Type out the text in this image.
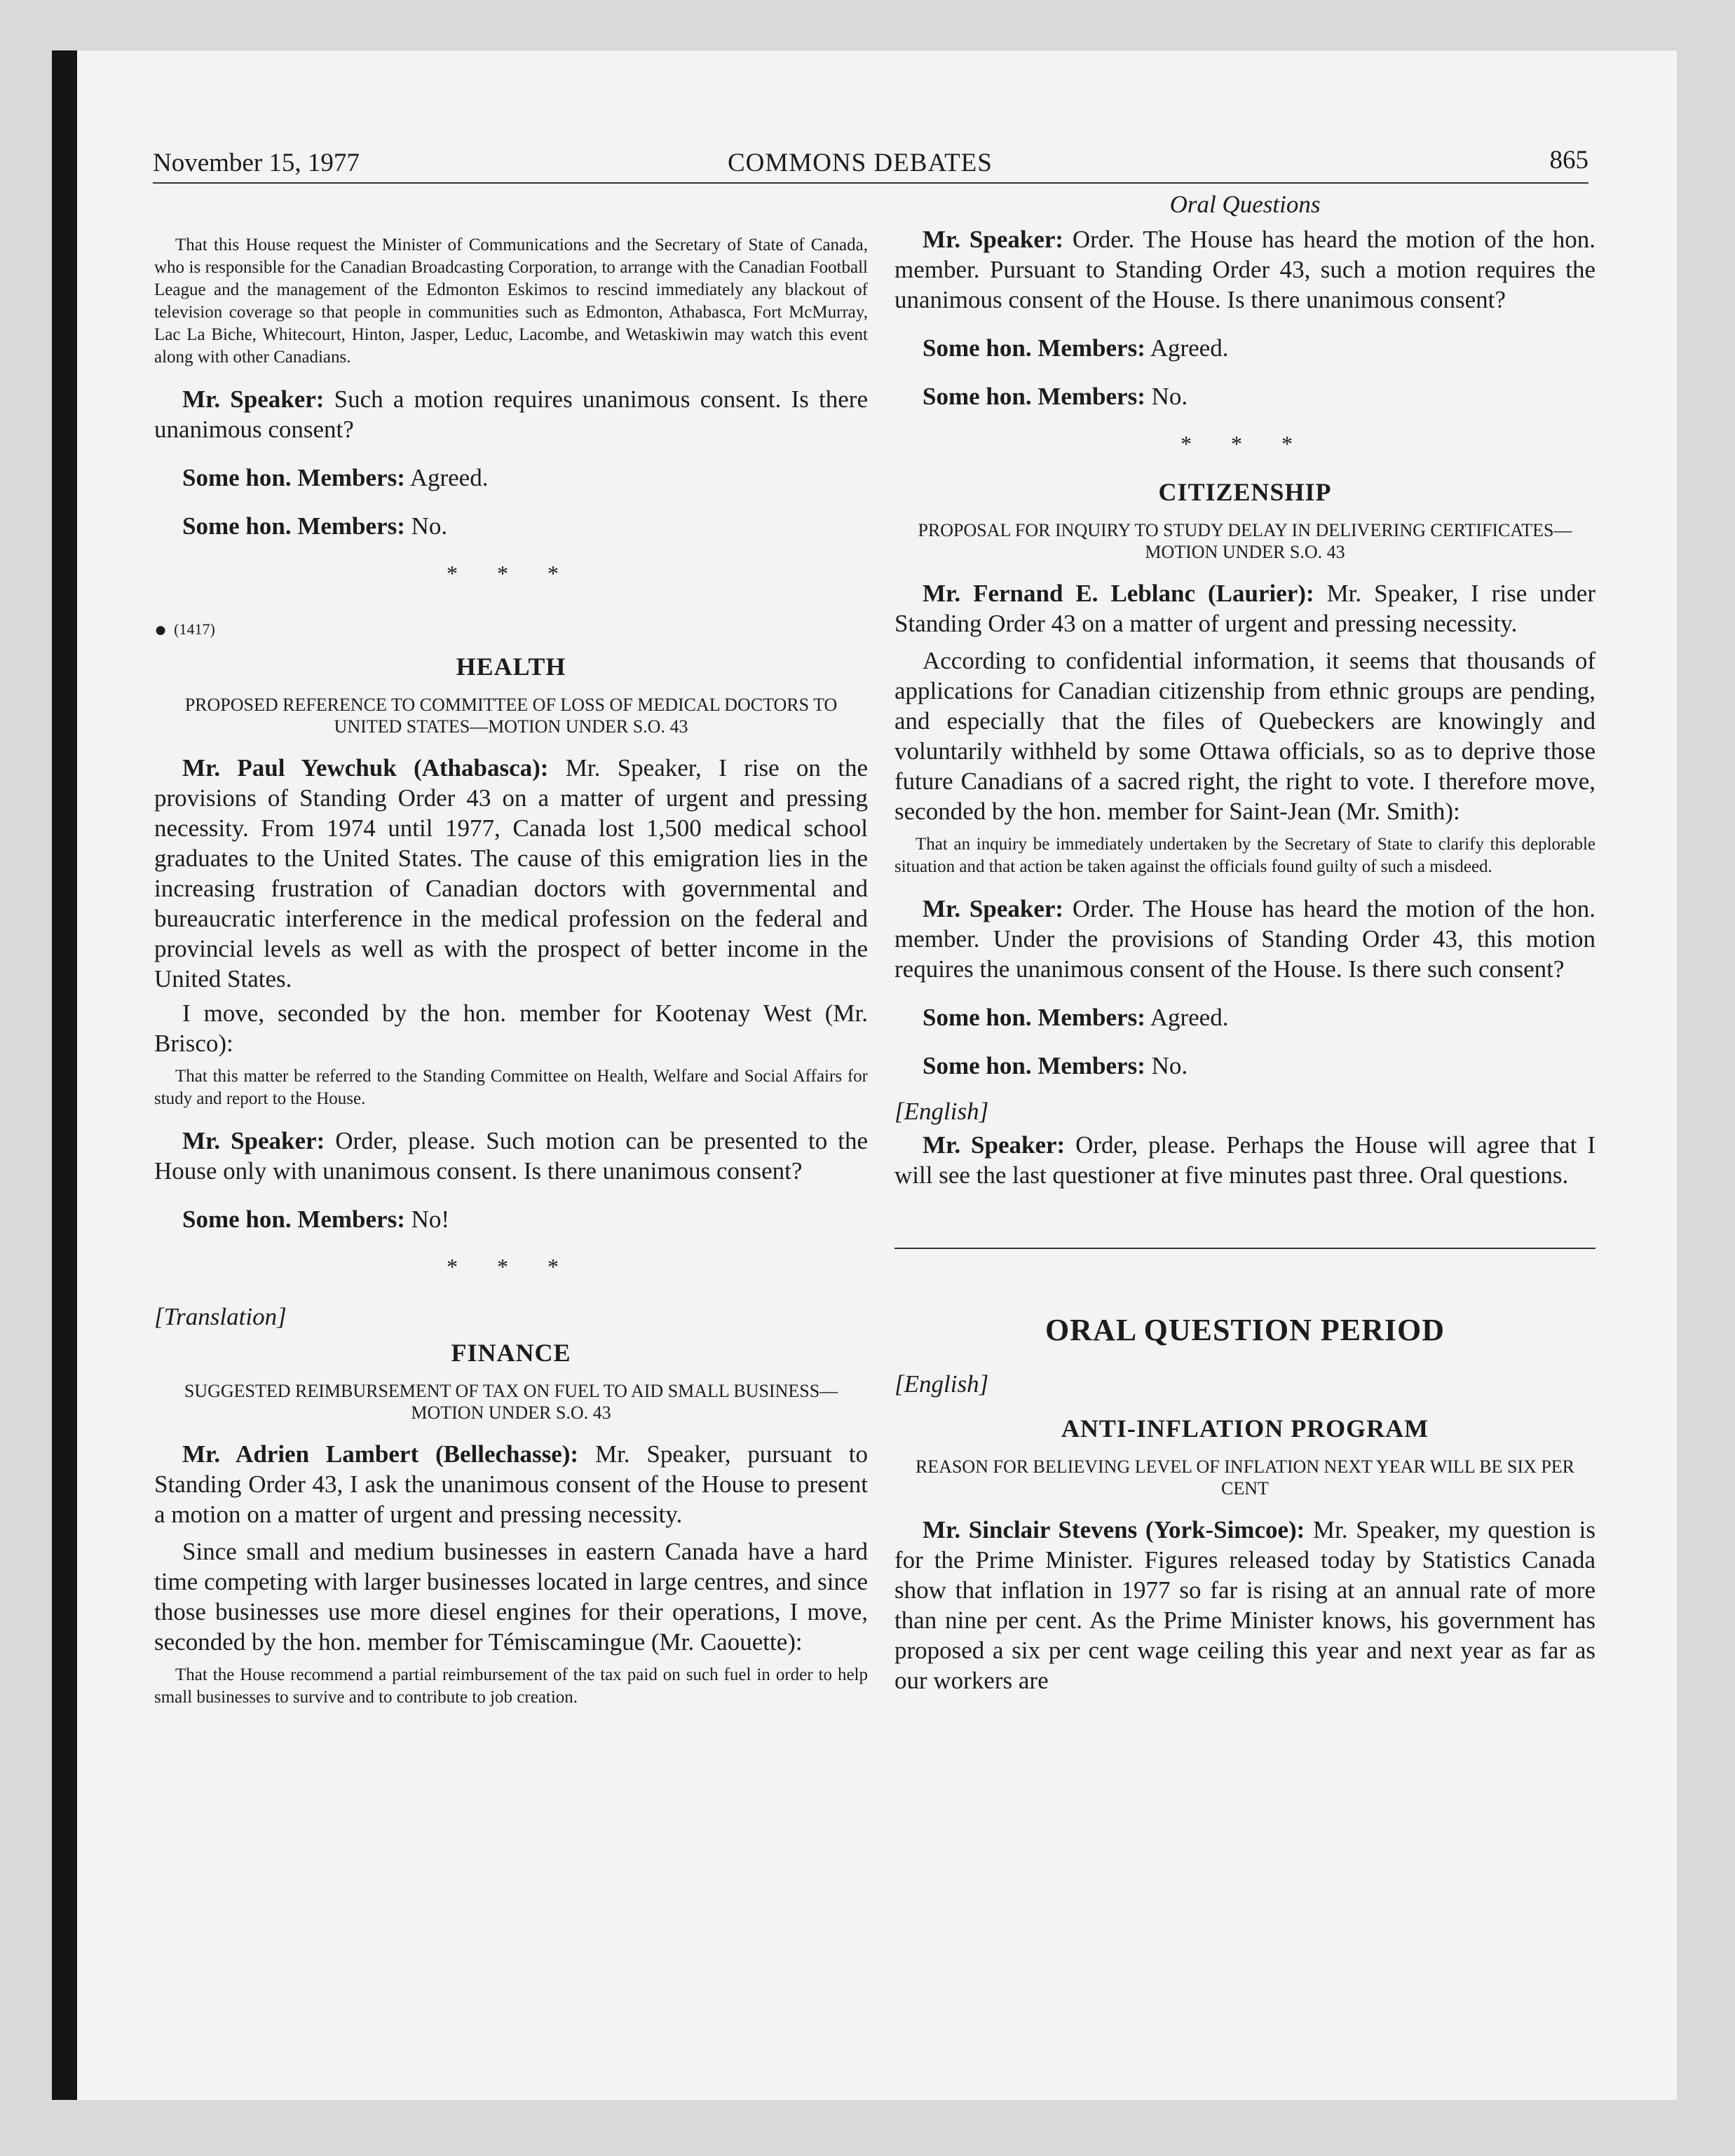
November 15, 1977	COMMONS DEBATES	865

That this House request the Minister of Communications and the Secretary of State of Canada, who is responsible for the Canadian Broadcasting Corporation, to arrange with the Canadian Football League and the management of the Edmonton Eskimos to rescind immediately any blackout of television coverage so that people in communities such as Edmonton, Athabasca, Fort McMurray, Lac La Biche, Whitecourt, Hinton, Jasper, Leduc, Lacombe, and Wetaskiwin may watch this event along with other Canadians.

Mr. Speaker: Such a motion requires unanimous consent. Is there unanimous consent?

Some hon. Members: Agreed.

Some hon. Members: No.

* * *
● (1417)
HEALTH
PROPOSED REFERENCE TO COMMITTEE OF LOSS OF MEDICAL DOCTORS TO UNITED STATES—MOTION UNDER S.O. 43

Mr. Paul Yewchuk (Athabasca): Mr. Speaker, I rise on the provisions of Standing Order 43 on a matter of urgent and pressing necessity. From 1974 until 1977, Canada lost 1,500 medical school graduates to the United States. The cause of this emigration lies in the increasing frustration of Canadian doctors with governmental and bureaucratic interference in the medical profession on the federal and provincial levels as well as with the prospect of better income in the United States.

I move, seconded by the hon. member for Kootenay West (Mr. Brisco):

That this matter be referred to the Standing Committee on Health, Welfare and Social Affairs for study and report to the House.

Mr. Speaker: Order, please. Such motion can be presented to the House only with unanimous consent. Is there unanimous consent?

Some hon. Members: No!

* * *
[Translation]
FINANCE
SUGGESTED REIMBURSEMENT OF TAX ON FUEL TO AID SMALL BUSINESS—MOTION UNDER S.O. 43

Mr. Adrien Lambert (Bellechasse): Mr. Speaker, pursuant to Standing Order 43, I ask the unanimous consent of the House to present a motion on a matter of urgent and pressing necessity.

Since small and medium businesses in eastern Canada have a hard time competing with larger businesses located in large centres, and since those businesses use more diesel engines for their operations, I move, seconded by the hon. member for Témiscamingue (Mr. Caouette):

That the House recommend a partial reimbursement of the tax paid on such fuel in order to help small businesses to survive and to contribute to job creation.

Oral Questions

Mr. Speaker: Order. The House has heard the motion of the hon. member. Pursuant to Standing Order 43, such a motion requires the unanimous consent of the House. Is there unanimous consent?

Some hon. Members: Agreed.

Some hon. Members: No.

* * *
CITIZENSHIP
PROPOSAL FOR INQUIRY TO STUDY DELAY IN DELIVERING CERTIFICATES—MOTION UNDER S.O. 43

Mr. Fernand E. Leblanc (Laurier): Mr. Speaker, I rise under Standing Order 43 on a matter of urgent and pressing necessity.

According to confidential information, it seems that thousands of applications for Canadian citizenship from ethnic groups are pending, and especially that the files of Quebeckers are knowingly and voluntarily withheld by some Ottawa officials, so as to deprive those future Canadians of a sacred right, the right to vote. I therefore move, seconded by the hon. member for Saint-Jean (Mr. Smith):

That an inquiry be immediately undertaken by the Secretary of State to clarify this deplorable situation and that action be taken against the officials found guilty of such a misdeed.

Mr. Speaker: Order. The House has heard the motion of the hon. member. Under the provisions of Standing Order 43, this motion requires the unanimous consent of the House. Is there such consent?

Some hon. Members: Agreed.

Some hon. Members: No.

[English]

Mr. Speaker: Order, please. Perhaps the House will agree that I will see the last questioner at five minutes past three. Oral questions.

ORAL QUESTION PERIOD
[English]
ANTI-INFLATION PROGRAM
REASON FOR BELIEVING LEVEL OF INFLATION NEXT YEAR WILL BE SIX PER CENT

Mr. Sinclair Stevens (York-Simcoe): Mr. Speaker, my question is for the Prime Minister. Figures released today by Statistics Canada show that inflation in 1977 so far is rising at an annual rate of more than nine per cent. As the Prime Minister knows, his government has proposed a six per cent wage ceiling this year and next year as far as our workers are
